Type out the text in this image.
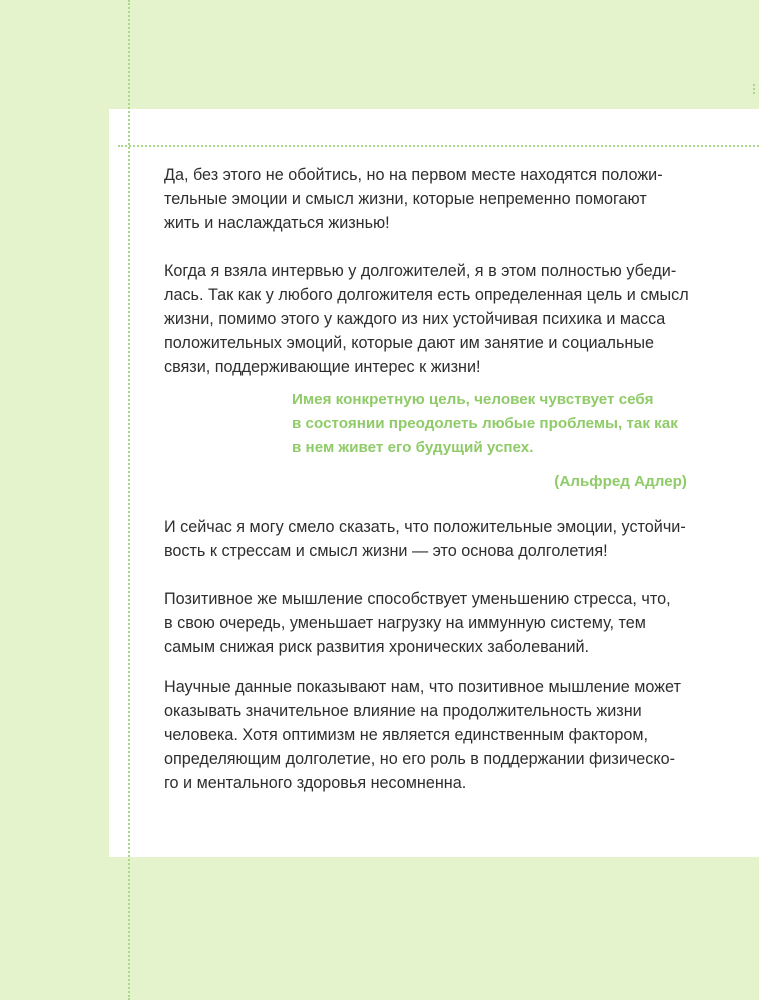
Да, без этого не обойтись, но на первом месте находятся положи-
тельные эмоции и смысл жизни, которые непременно помогают
жить и наслаждаться жизнью!
Когда я взяла интервью у долгожителей, я в этом полностью убеди-
лась. Так как у любого долгожителя есть определенная цель и смысл
жизни, помимо этого у каждого из них устойчивая психика и масса
положительных эмоций, которые дают им занятие и социальные
связи, поддерживающие интерес к жизни!
Имея конкретную цель, человек чувствует себя
в состоянии преодолеть любые проблемы, так как
в нем живет его будущий успех.
(Альфред Адлер)
И сейчас я могу смело сказать, что положительные эмоции, устойчи-
вость к стрессам и смысл жизни — это основа долголетия!
Позитивное же мышление способствует уменьшению стресса, что,
в свою очередь, уменьшает нагрузку на иммунную систему, тем
самым снижая риск развития хронических заболеваний.
Научные данные показывают нам, что позитивное мышление может
оказывать значительное влияние на продолжительность жизни
человека. Хотя оптимизм не является единственным фактором,
определяющим долголетие, но его роль в поддержании физическо-
го и ментального здоровья несомненна.
